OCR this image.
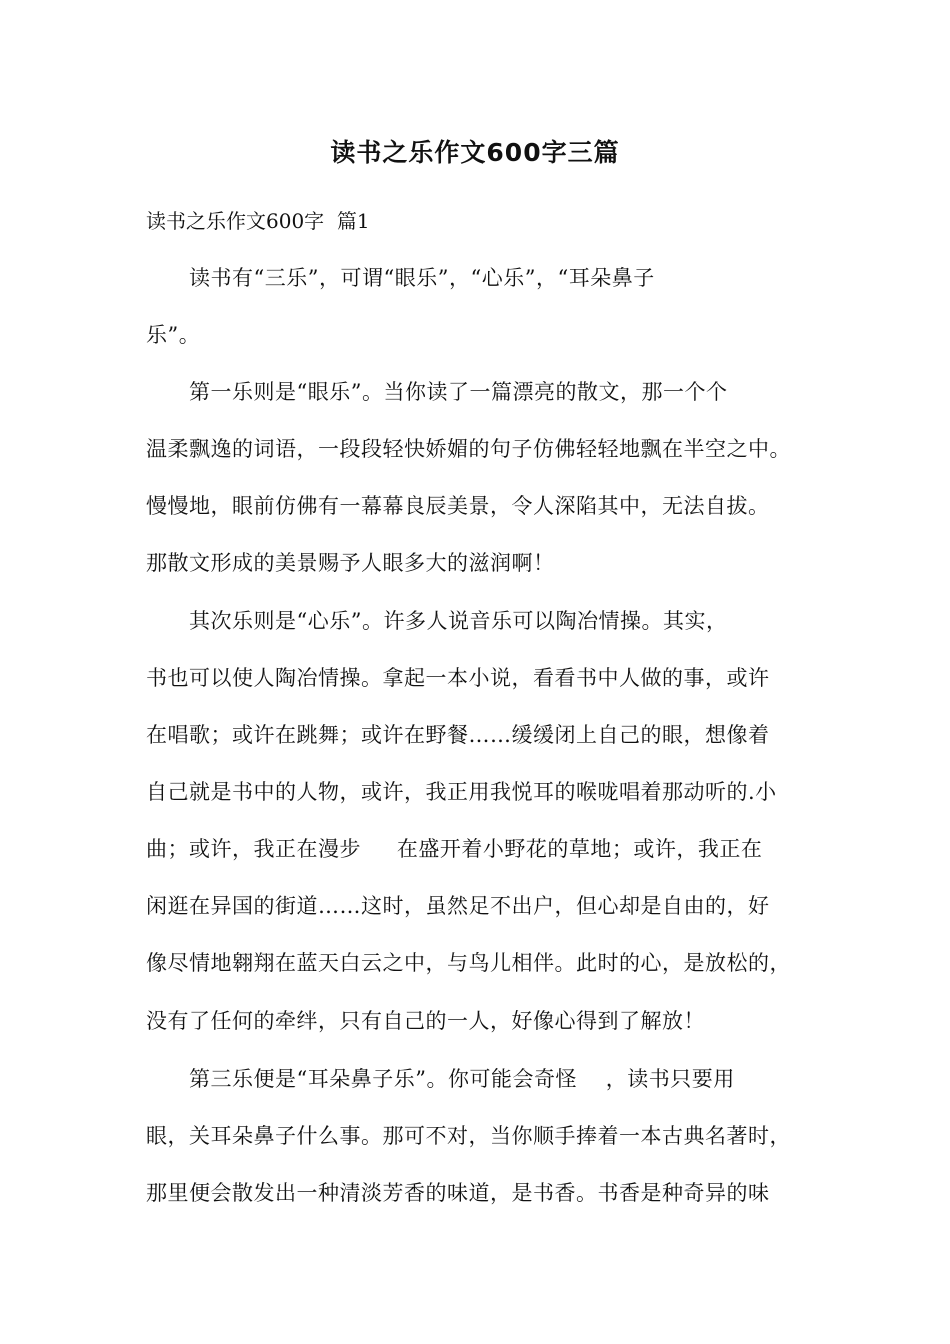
读书之乐作文600字三篇
读书之乐作文600字  篇1
读书有“三乐”，可谓“眼乐”，“心乐”，“耳朵鼻子
乐”。
第一乐则是“眼乐”。当你读了一篇漂亮的散文，那一个个
温柔飘逸的词语，一段段轻快娇媚的句子仿佛轻轻地飘在半空之中。
慢慢地，眼前仿佛有一幕幕良辰美景，令人深陷其中，无法自拔。
那散文形成的美景赐予人眼多大的滋润啊！
其次乐则是“心乐”。许多人说音乐可以陶冶情操。其实，
书也可以使人陶冶情操。拿起一本小说，看看书中人做的事，或许
在唱歌；或许在跳舞；或许在野餐……缓缓闭上自己的眼，想像着
自己就是书中的人物，或许，我正用我悦耳的喉咙唱着那动听的.小
曲；或许，我正在漫步     在盛开着小野花的草地；或许，我正在
闲逛在异国的街道……这时，虽然足不出户，但心却是自由的，好
像尽情地翱翔在蓝天白云之中，与鸟儿相伴。此时的心，是放松的，
没有了任何的牵绊，只有自己的一人，好像心得到了解放！
第三乐便是“耳朵鼻子乐”。你可能会奇怪    ，读书只要用
眼，关耳朵鼻子什么事。那可不对，当你顺手捧着一本古典名著时，
那里便会散发出一种清淡芳香的味道，是书香。书香是种奇异的味
